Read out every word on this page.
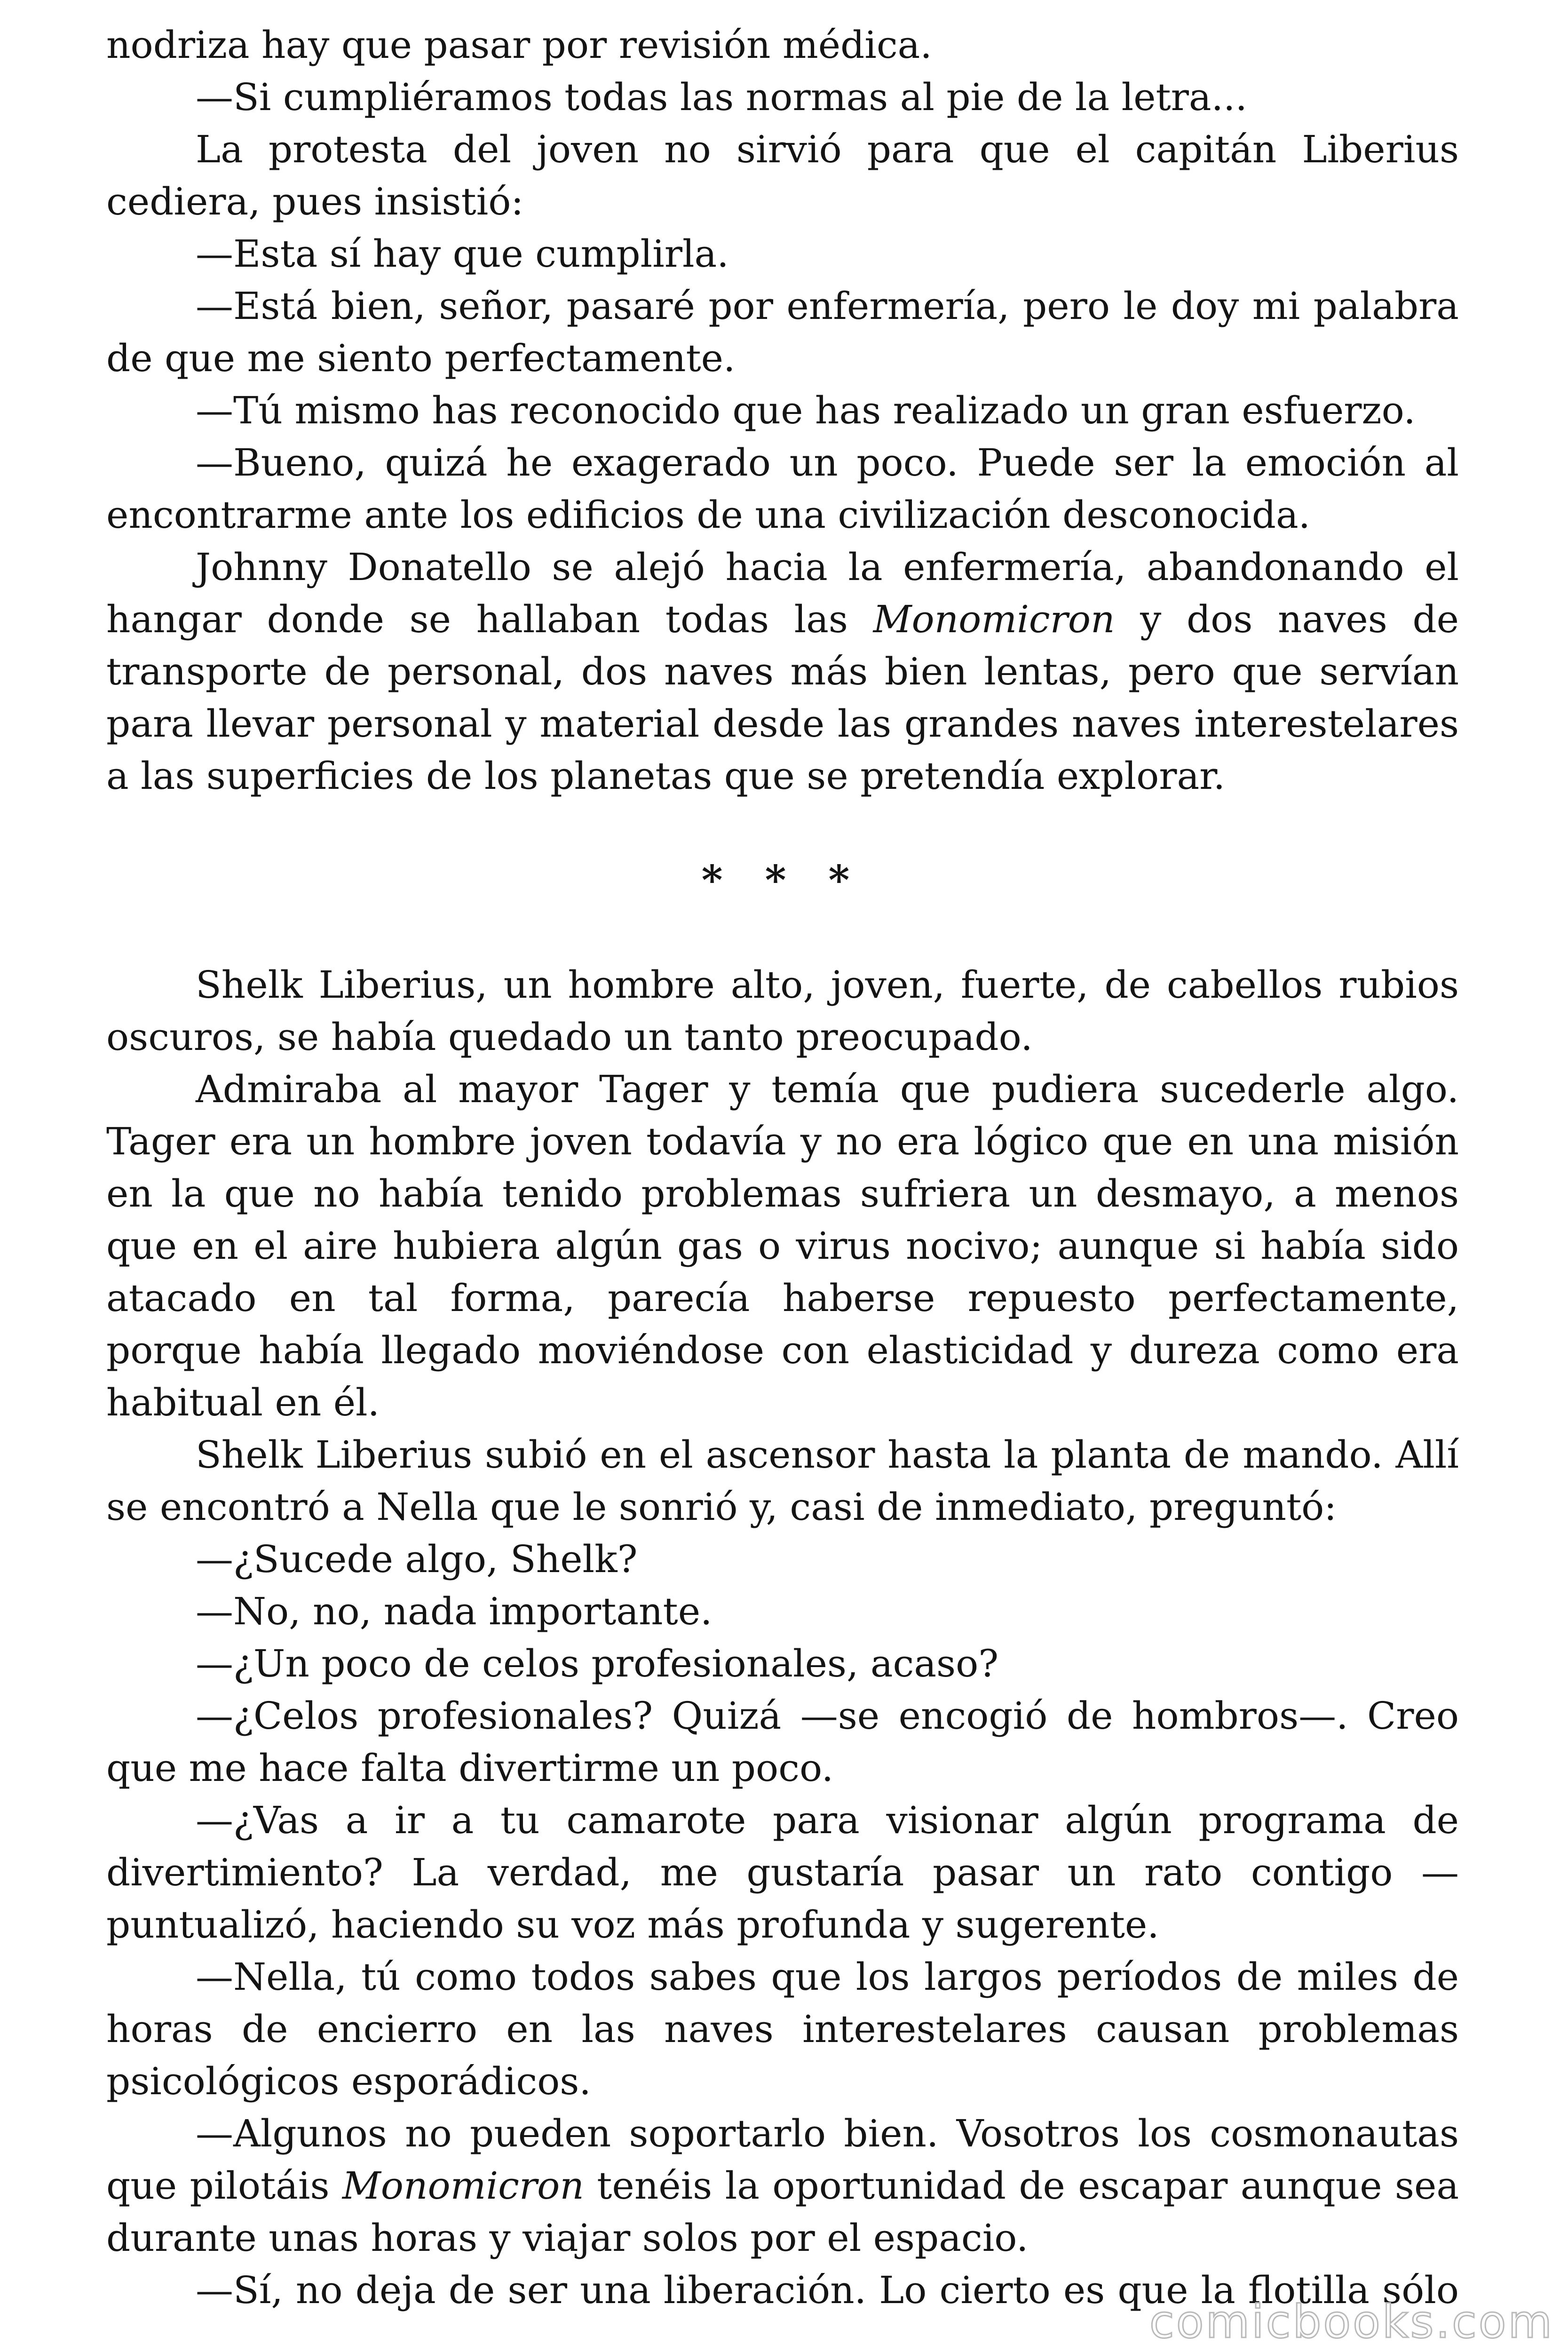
nodriza hay que pasar por revisión médica.

—Si cumpliéramos todas las normas al pie de la letra...

La protesta del joven no sirvió para que el capitán Liberius cediera, pues insistió:

—Esta sí hay que cumplirla.

—Está bien, señor, pasaré por enfermería, pero le doy mi palabra de que me siento perfectamente.

—Tú mismo has reconocido que has realizado un gran esfuerzo.

—Bueno, quizá he exagerado un poco. Puede ser la emoción al encontrarme ante los edificios de una civilización desconocida.

Johnny Donatello se alejó hacia la enfermería, abandonando el hangar donde se hallaban todas las Monomicron y dos naves de transporte de personal, dos naves más bien lentas, pero que servían para llevar personal y material desde las grandes naves interestelares a las superficies de los planetas que se pretendía explorar.

* * *

Shelk Liberius, un hombre alto, joven, fuerte, de cabellos rubios oscuros, se había quedado un tanto preocupado.

Admiraba al mayor Tager y temía que pudiera sucederle algo. Tager era un hombre joven todavía y no era lógico que en una misión en la que no había tenido problemas sufriera un desmayo, a menos que en el aire hubiera algún gas o virus nocivo; aunque si había sido atacado en tal forma, parecía haberse repuesto perfectamente, porque había llegado moviéndose con elasticidad y dureza como era habitual en él.

Shelk Liberius subió en el ascensor hasta la planta de mando. Allí se encontró a Nella que le sonrió y, casi de inmediato, preguntó:

—¿Sucede algo, Shelk?

—No, no, nada importante.

—¿Un poco de celos profesionales, acaso?

—¿Celos profesionales? Quizá —se encogió de hombros—. Creo que me hace falta divertirme un poco.

—¿Vas a ir a tu camarote para visionar algún programa de divertimiento? La verdad, me gustaría pasar un rato contigo —puntualizó, haciendo su voz más profunda y sugerente.

—Nella, tú como todos sabes que los largos períodos de miles de horas de encierro en las naves interestelares causan problemas psicológicos esporádicos.

—Algunos no pueden soportarlo bien. Vosotros los cosmonautas que pilotáis Monomicron tenéis la oportunidad de escapar aunque sea durante unas horas y viajar solos por el espacio.

—Sí, no deja de ser una liberación. Lo cierto es que la flotilla sólo

comicbooks.com
